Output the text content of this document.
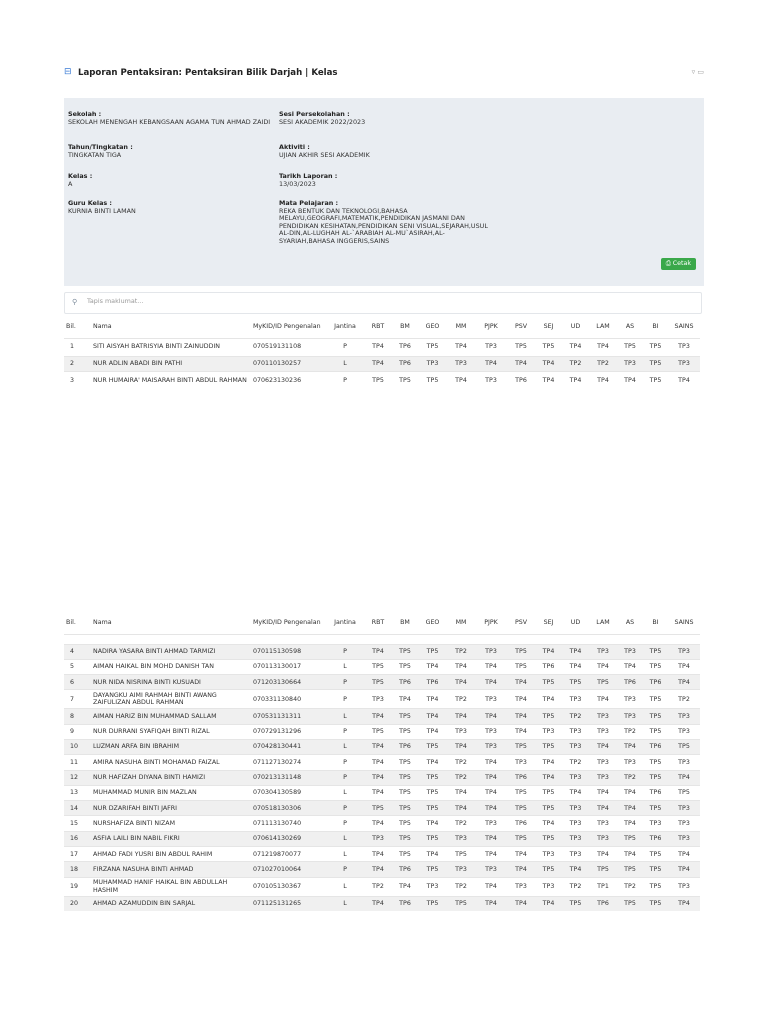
⊟ Laporan Pentaksiran: Pentaksiran Bilik Darjah | Kelas	▿ ▭
Sekolah :
SEKOLAH MENENGAH KEBANGSAAN AGAMA TUN AHMAD ZAIDI
Tahun/Tingkatan :
TINGKATAN TIGA
Kelas :
A
Guru Kelas :
KURNIA BINTI LAMAN
Sesi Persekolahan :
SESI AKADEMIK 2022/2023
Aktiviti :
UJIAN AKHIR SESI AKADEMIK
Tarikh Laporan :
13/03/2023
Mata Pelajaran :
REKA BENTUK DAN TEKNOLOGI,BAHASA MELAYU,GEOGRAFI,MATEMATIK,PENDIDIKAN JASMANI DAN PENDIDIKAN KESIHATAN,PENDIDIKAN SENI VISUAL,SEJARAH,USUL AL-DIN,AL-LUGHAH AL-`ARABIAH AL-MU`ASIRAH,AL-SYARIAH,BAHASA INGGERIS,SAINS
⎙ Cetak
⚲
Tapis maklumat...
Bil.	Nama	MyKID/ID Pengenalan	Jantina	RBT	BM	GEO	MM	PJPK	PSV	SEJ	UD	LAM	AS	BI	SAINS
1	SITI AISYAH BATRISYIA BINTI ZAINUDDIN	070519131108	P	TP4	TP6	TP5	TP4	TP3	TP5	TP5	TP4	TP4	TP5	TP5	TP3
2	NUR ADLIN ABADI BIN PATHI	070110130257	L	TP4	TP6	TP3	TP3	TP4	TP4	TP4	TP2	TP2	TP3	TP5	TP3
3	NUR HUMAIRA' MAISARAH BINTI ABDUL RAHMAN	070623130236	P	TP5	TP5	TP5	TP4	TP3	TP6	TP4	TP4	TP4	TP4	TP5	TP4
Bil.	Nama	MyKID/ID Pengenalan	Jantina	RBT	BM	GEO	MM	PJPK	PSV	SEJ	UD	LAM	AS	BI	SAINS

4	NADIRA YASARA BINTI AHMAD TARMIZI	070115130598	P	TP4	TP5	TP5	TP2	TP3	TP5	TP4	TP4	TP3	TP3	TP5	TP3
5	AIMAN HAIKAL BIN MOHD DANISH TAN	070113130017	L	TP5	TP5	TP4	TP4	TP4	TP5	TP6	TP4	TP4	TP4	TP5	TP4
6	NUR NIDA NISRINA BINTI KUSUADI	071203130664	P	TP5	TP6	TP6	TP4	TP4	TP4	TP5	TP5	TP5	TP6	TP6	TP4
7	DAYANGKU AIMI RAHMAH BINTI AWANG ZAIFULIZAN ABDUL RAHMAN	070331130840	P	TP3	TP4	TP4	TP2	TP3	TP4	TP4	TP3	TP4	TP3	TP5	TP2
8	AIMAN HARIZ BIN MUHAMMAD SALLAM	070531131311	L	TP4	TP5	TP4	TP4	TP4	TP4	TP5	TP2	TP3	TP3	TP5	TP3
9	NUR DURRANI SYAFIQAH BINTI RIZAL	070729131296	P	TP5	TP5	TP4	TP3	TP3	TP4	TP3	TP3	TP3	TP2	TP5	TP3
10	LUZMAN ARFA BIN IBRAHIM	070428130441	L	TP4	TP6	TP5	TP4	TP3	TP5	TP5	TP3	TP4	TP4	TP6	TP5
11	AMIRA NASUHA BINTI MOHAMAD FAIZAL	071127130274	P	TP4	TP5	TP4	TP2	TP4	TP3	TP4	TP2	TP3	TP3	TP5	TP3
12	NUR HAFIZAH DIYANA BINTI HAMIZI	070213131148	P	TP4	TP5	TP5	TP2	TP4	TP6	TP4	TP3	TP3	TP2	TP5	TP4
13	MUHAMMAD MUNIR BIN MAZLAN	070304130589	L	TP4	TP5	TP5	TP4	TP4	TP5	TP5	TP4	TP4	TP4	TP6	TP5
14	NUR DZARIFAH BINTI JAFRI	070518130306	P	TP5	TP5	TP5	TP4	TP4	TP5	TP5	TP3	TP4	TP4	TP5	TP3
15	NURSHAFIZA BINTI NIZAM	071113130740	P	TP4	TP5	TP4	TP2	TP3	TP6	TP4	TP3	TP3	TP4	TP3	TP3
16	ASFIA LAILI BIN NABIL FIKRI	070614130269	L	TP3	TP5	TP5	TP3	TP4	TP5	TP5	TP3	TP3	TP5	TP6	TP3
17	AHMAD FADI YUSRI BIN ABDUL RAHIM	071219870077	L	TP4	TP5	TP4	TP5	TP4	TP4	TP3	TP3	TP4	TP4	TP5	TP4
18	FIRZANA NASUHA BINTI AHMAD	071027010064	P	TP4	TP6	TP5	TP3	TP3	TP4	TP5	TP4	TP5	TP5	TP5	TP4
19	MUHAMMAD HANIF HAIKAL BIN ABDULLAH HASHIM	070105130367	L	TP2	TP4	TP3	TP2	TP4	TP3	TP3	TP2	TP1	TP2	TP5	TP3
20	AHMAD AZAMUDDIN BIN SARJAL	071125131265	L	TP4	TP6	TP5	TP5	TP4	TP4	TP4	TP5	TP6	TP5	TP5	TP4
